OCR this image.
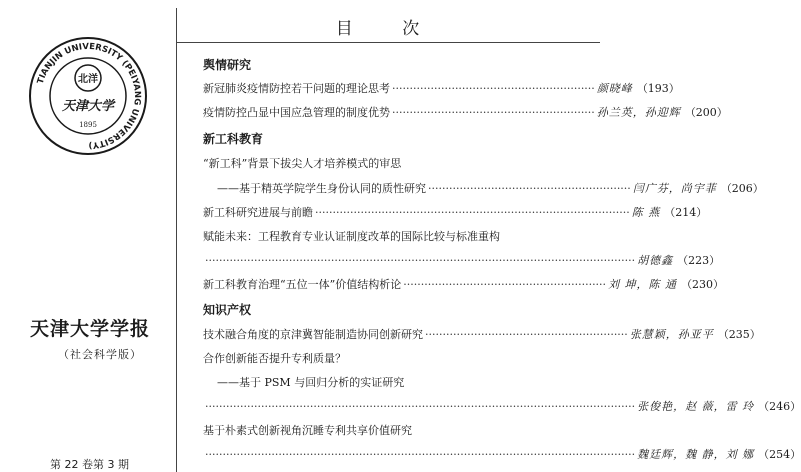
TIANJIN UNIVERSITY (PEIYANG UNIVERSITY)
北洋
天津大学
1895
天津大学学报
（社会科学版）
第 22 卷第 3 期
目 次
舆情研究
新冠肺炎疫情防控若干问题的理论思考 ·························································· 颜晓峰 （193）
疫情防控凸显中国应急管理的制度优势 ·························································· 孙兰英，孙迎辉 （200）
新工科教育
“新工科”背景下拔尖人才培养模式的审思
——基于精英学院学生身份认同的质性研究 ·························································· 闫广芬，尚宇菲 （206）
新工科研究进展与前瞻 ·························································································· 陈 燕 （214）
赋能未来：工程教育专业认证制度改革的国际比较与标准重构
··························································································································· 胡德鑫 （223）
新工科教育治理“五位一体”价值结构析论 ·························································· 刘 坤，陈 通 （230）
知识产权
技术融合角度的京津冀智能制造协同创新研究 ·························································· 张慧颖，孙亚平 （235）
合作创新能否提升专利质量？
——基于 PSM 与回归分析的实证研究
··························································································································· 张俊艳，赵 薇，雷 玲 （246）
基于朴素式创新视角沉睡专利共享价值研究
··························································································································· 魏廷辉，魏 静，刘 娜 （254）
